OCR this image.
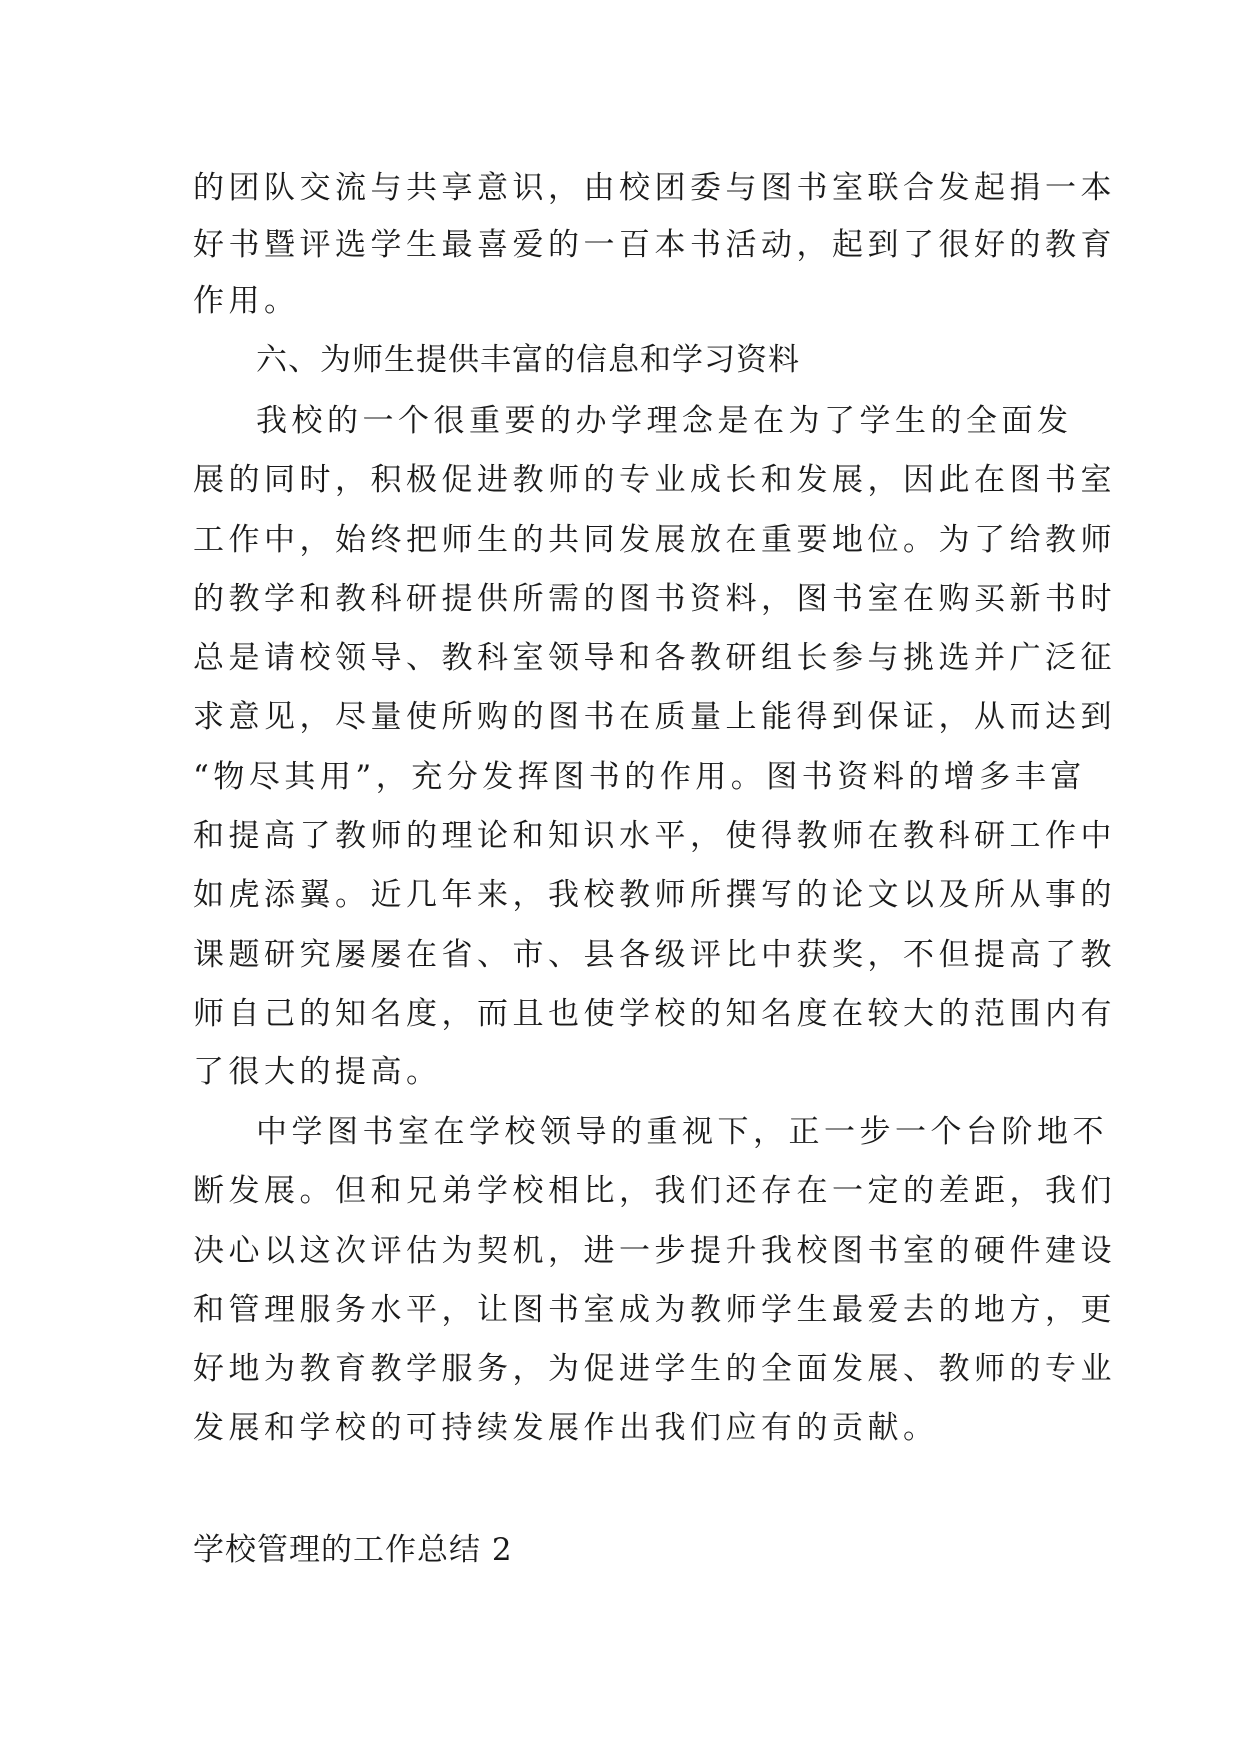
的团队交流与共享意识，由校团委与图书室联合发起捐一本
好书暨评选学生最喜爱的一百本书活动，起到了很好的教育
作用。
六、为师生提供丰富的信息和学习资料
我校的一个很重要的办学理念是在为了学生的全面发
展的同时，积极促进教师的专业成长和发展，因此在图书室
工作中，始终把师生的共同发展放在重要地位。为了给教师
的教学和教科研提供所需的图书资料，图书室在购买新书时
总是请校领导、教科室领导和各教研组长参与挑选并广泛征
求意见，尽量使所购的图书在质量上能得到保证，从而达到
“物尽其用”，充分发挥图书的作用。图书资料的增多丰富
和提高了教师的理论和知识水平，使得教师在教科研工作中
如虎添翼。近几年来，我校教师所撰写的论文以及所从事的
课题研究屡屡在省、市、县各级评比中获奖，不但提高了教
师自己的知名度，而且也使学校的知名度在较大的范围内有
了很大的提高。
中学图书室在学校领导的重视下，正一步一个台阶地不
断发展。但和兄弟学校相比，我们还存在一定的差距，我们
决心以这次评估为契机，进一步提升我校图书室的硬件建设
和管理服务水平，让图书室成为教师学生最爱去的地方，更
好地为教育教学服务，为促进学生的全面发展、教师的专业
发展和学校的可持续发展作出我们应有的贡献。
学校管理的工作总结 2
